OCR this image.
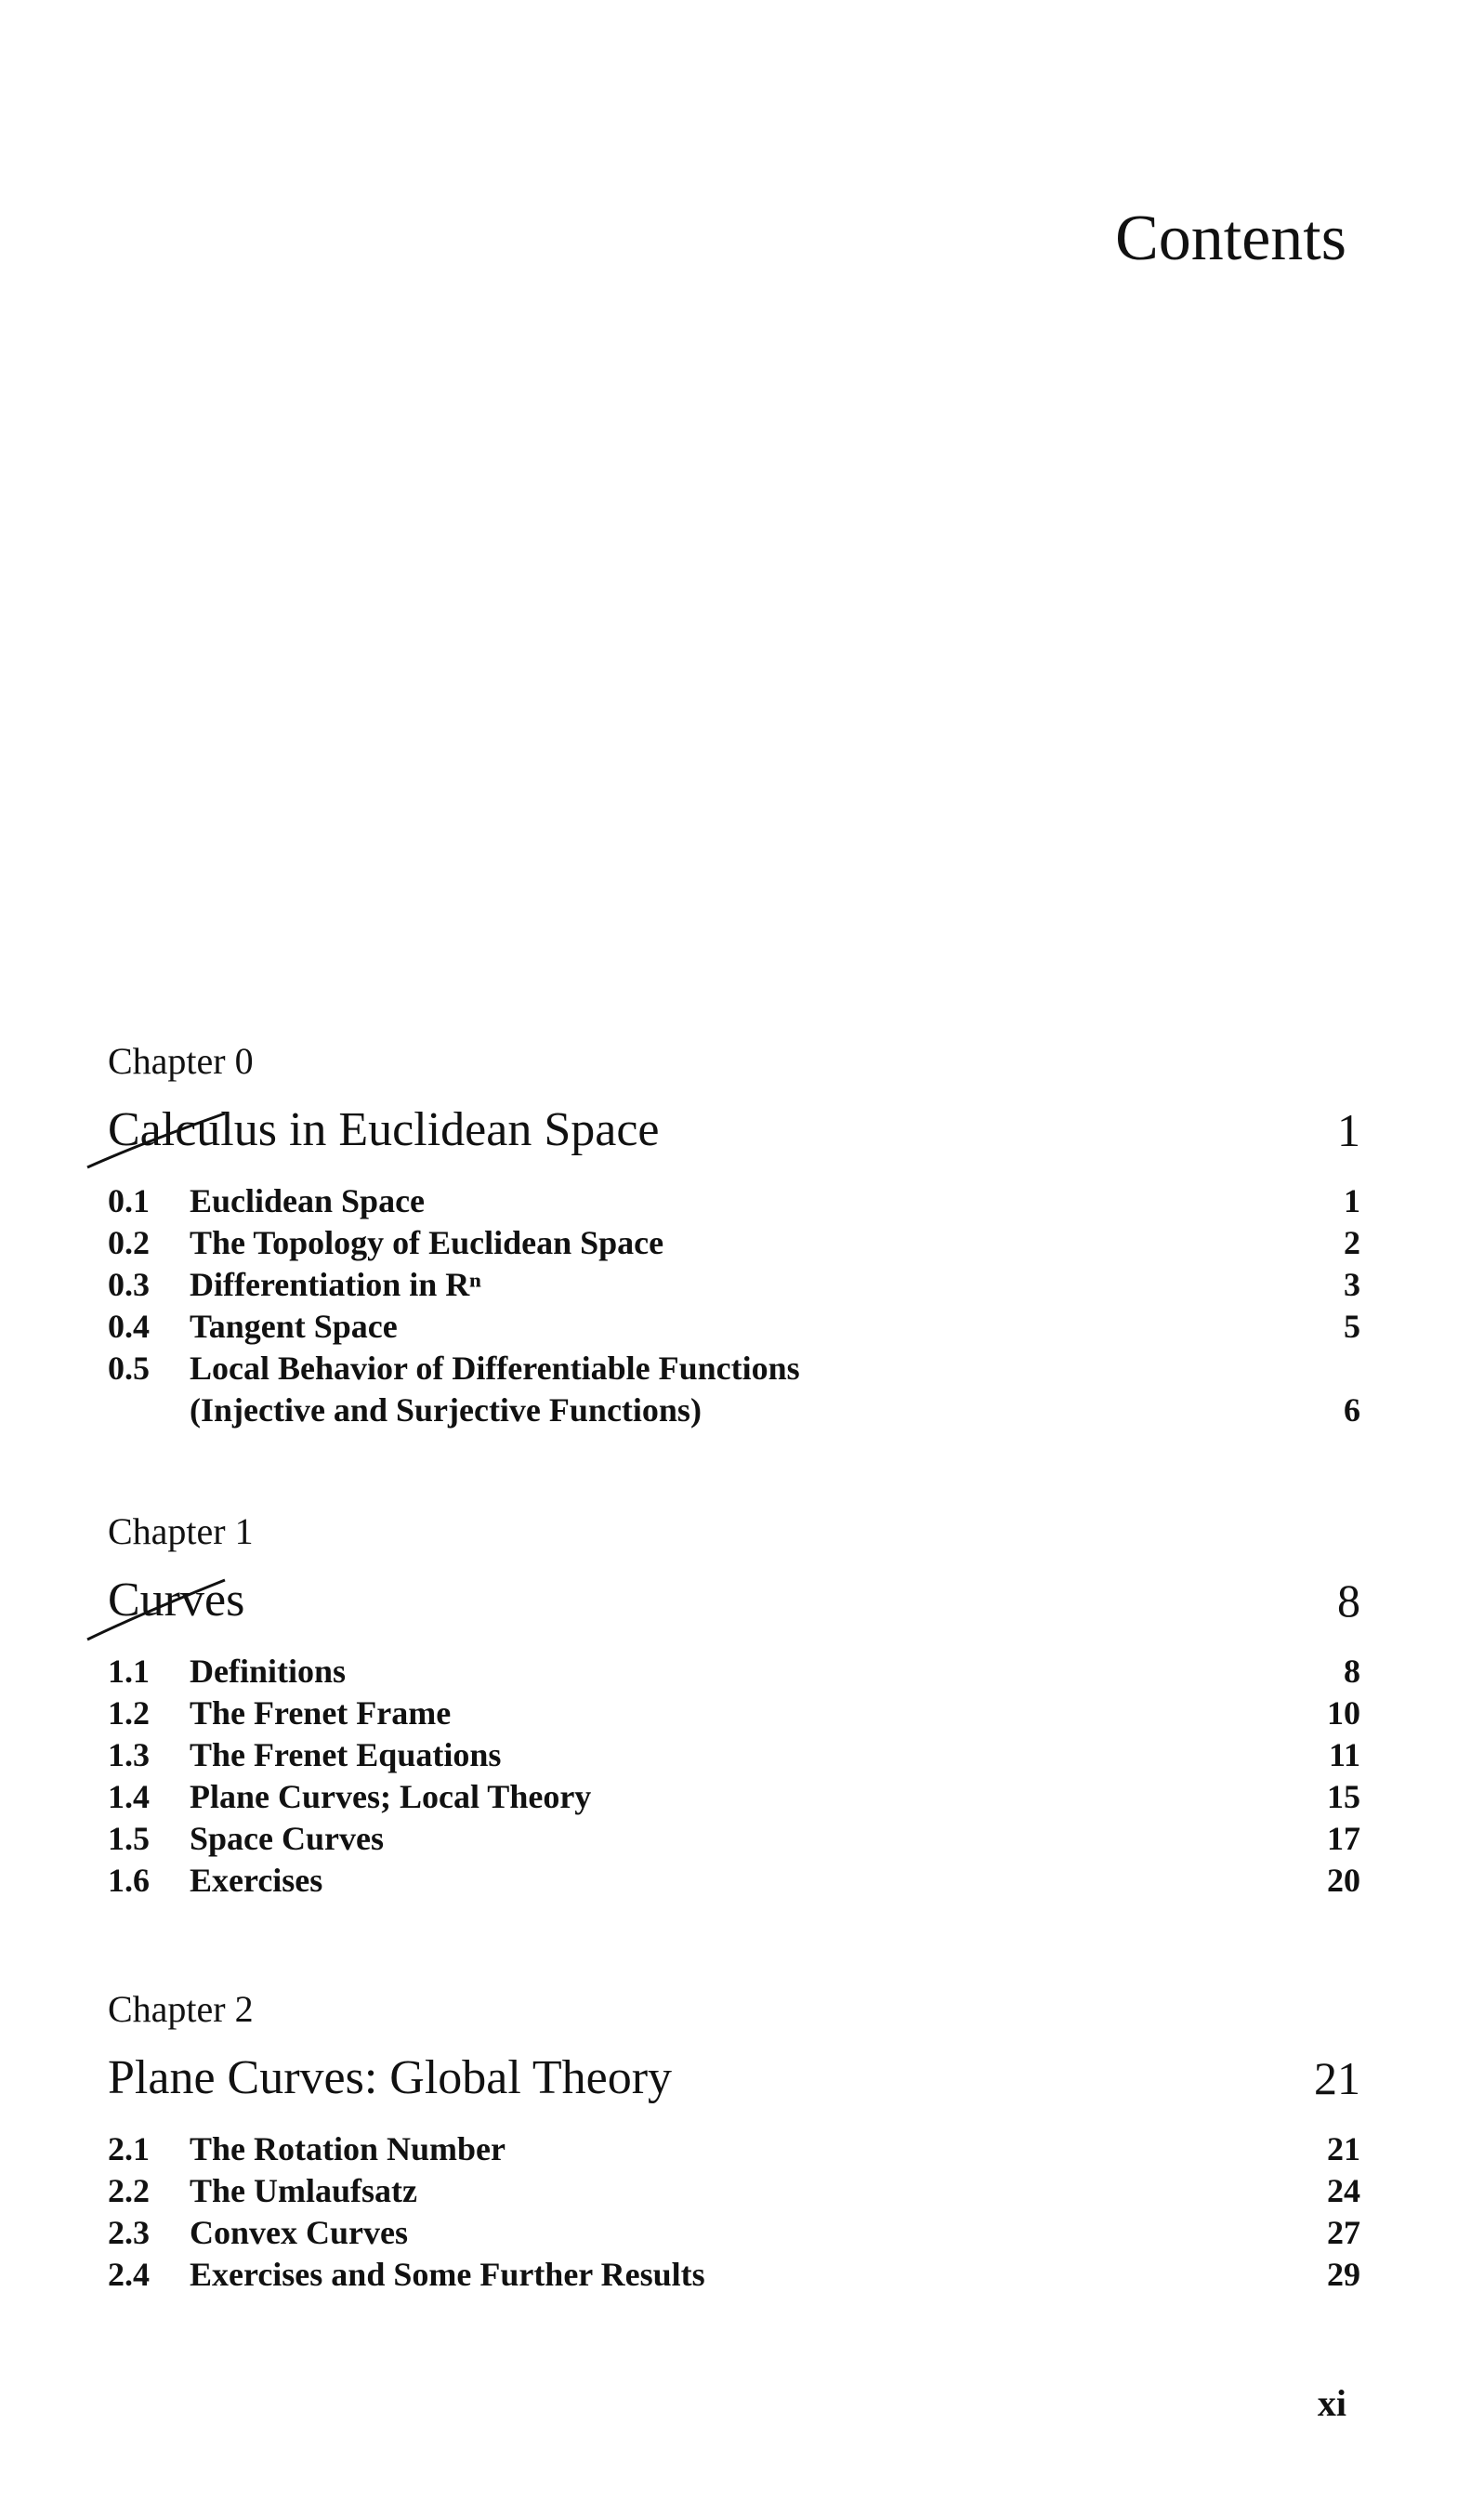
Contents
Chapter 0
Calculus in Euclidean Space	1
0.1	Euclidean Space	1
0.2	The Topology of Euclidean Space	2
0.3	Differentiation in Rⁿ	3
0.4	Tangent Space	5
0.5	Local Behavior of Differentiable Functions (Injective and Surjective Functions)	6
Chapter 1
Curves	8
1.1	Definitions	8
1.2	The Frenet Frame	10
1.3	The Frenet Equations	11
1.4	Plane Curves; Local Theory	15
1.5	Space Curves	17
1.6	Exercises	20
Chapter 2
Plane Curves: Global Theory	21
2.1	The Rotation Number	21
2.2	The Umlaufsatz	24
2.3	Convex Curves	27
2.4	Exercises and Some Further Results	29
xi
